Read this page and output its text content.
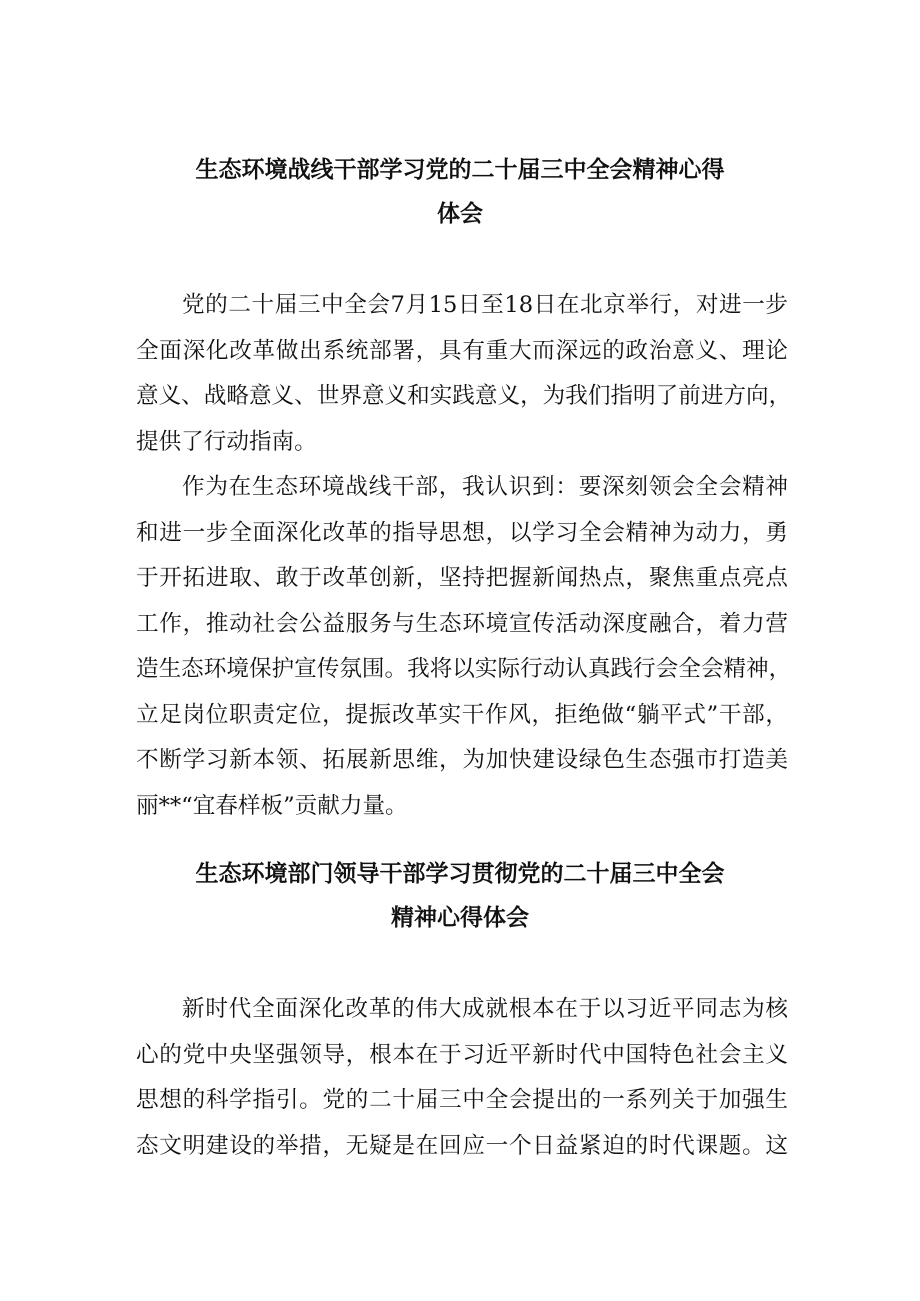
生态环境战线干部学习党的二十届三中全会精神心得
体会
党的二十届三中全会7月15日至18日在北京举行，对进一步
全面深化改革做出系统部署，具有重大而深远的政治意义、理论
意义、战略意义、世界意义和实践意义，为我们指明了前进方向，
提供了行动指南。
作为在生态环境战线干部，我认识到：要深刻领会全会精神
和进一步全面深化改革的指导思想，以学习全会精神为动力，勇
于开拓进取、敢于改革创新，坚持把握新闻热点，聚焦重点亮点
工作，推动社会公益服务与生态环境宣传活动深度融合，着力营
造生态环境保护宣传氛围。我将以实际行动认真践行会全会精神，
立足岗位职责定位，提振改革实干作风，拒绝做“躺平式”干部，
不断学习新本领、拓展新思维，为加快建设绿色生态强市打造美
丽**“宜春样板”贡献力量。
生态环境部门领导干部学习贯彻党的二十届三中全会
精神心得体会
新时代全面深化改革的伟大成就根本在于以习近平同志为核
心的党中央坚强领导，根本在于习近平新时代中国特色社会主义
思想的科学指引。党的二十届三中全会提出的一系列关于加强生
态文明建设的举措，无疑是在回应一个日益紧迫的时代课题。这
